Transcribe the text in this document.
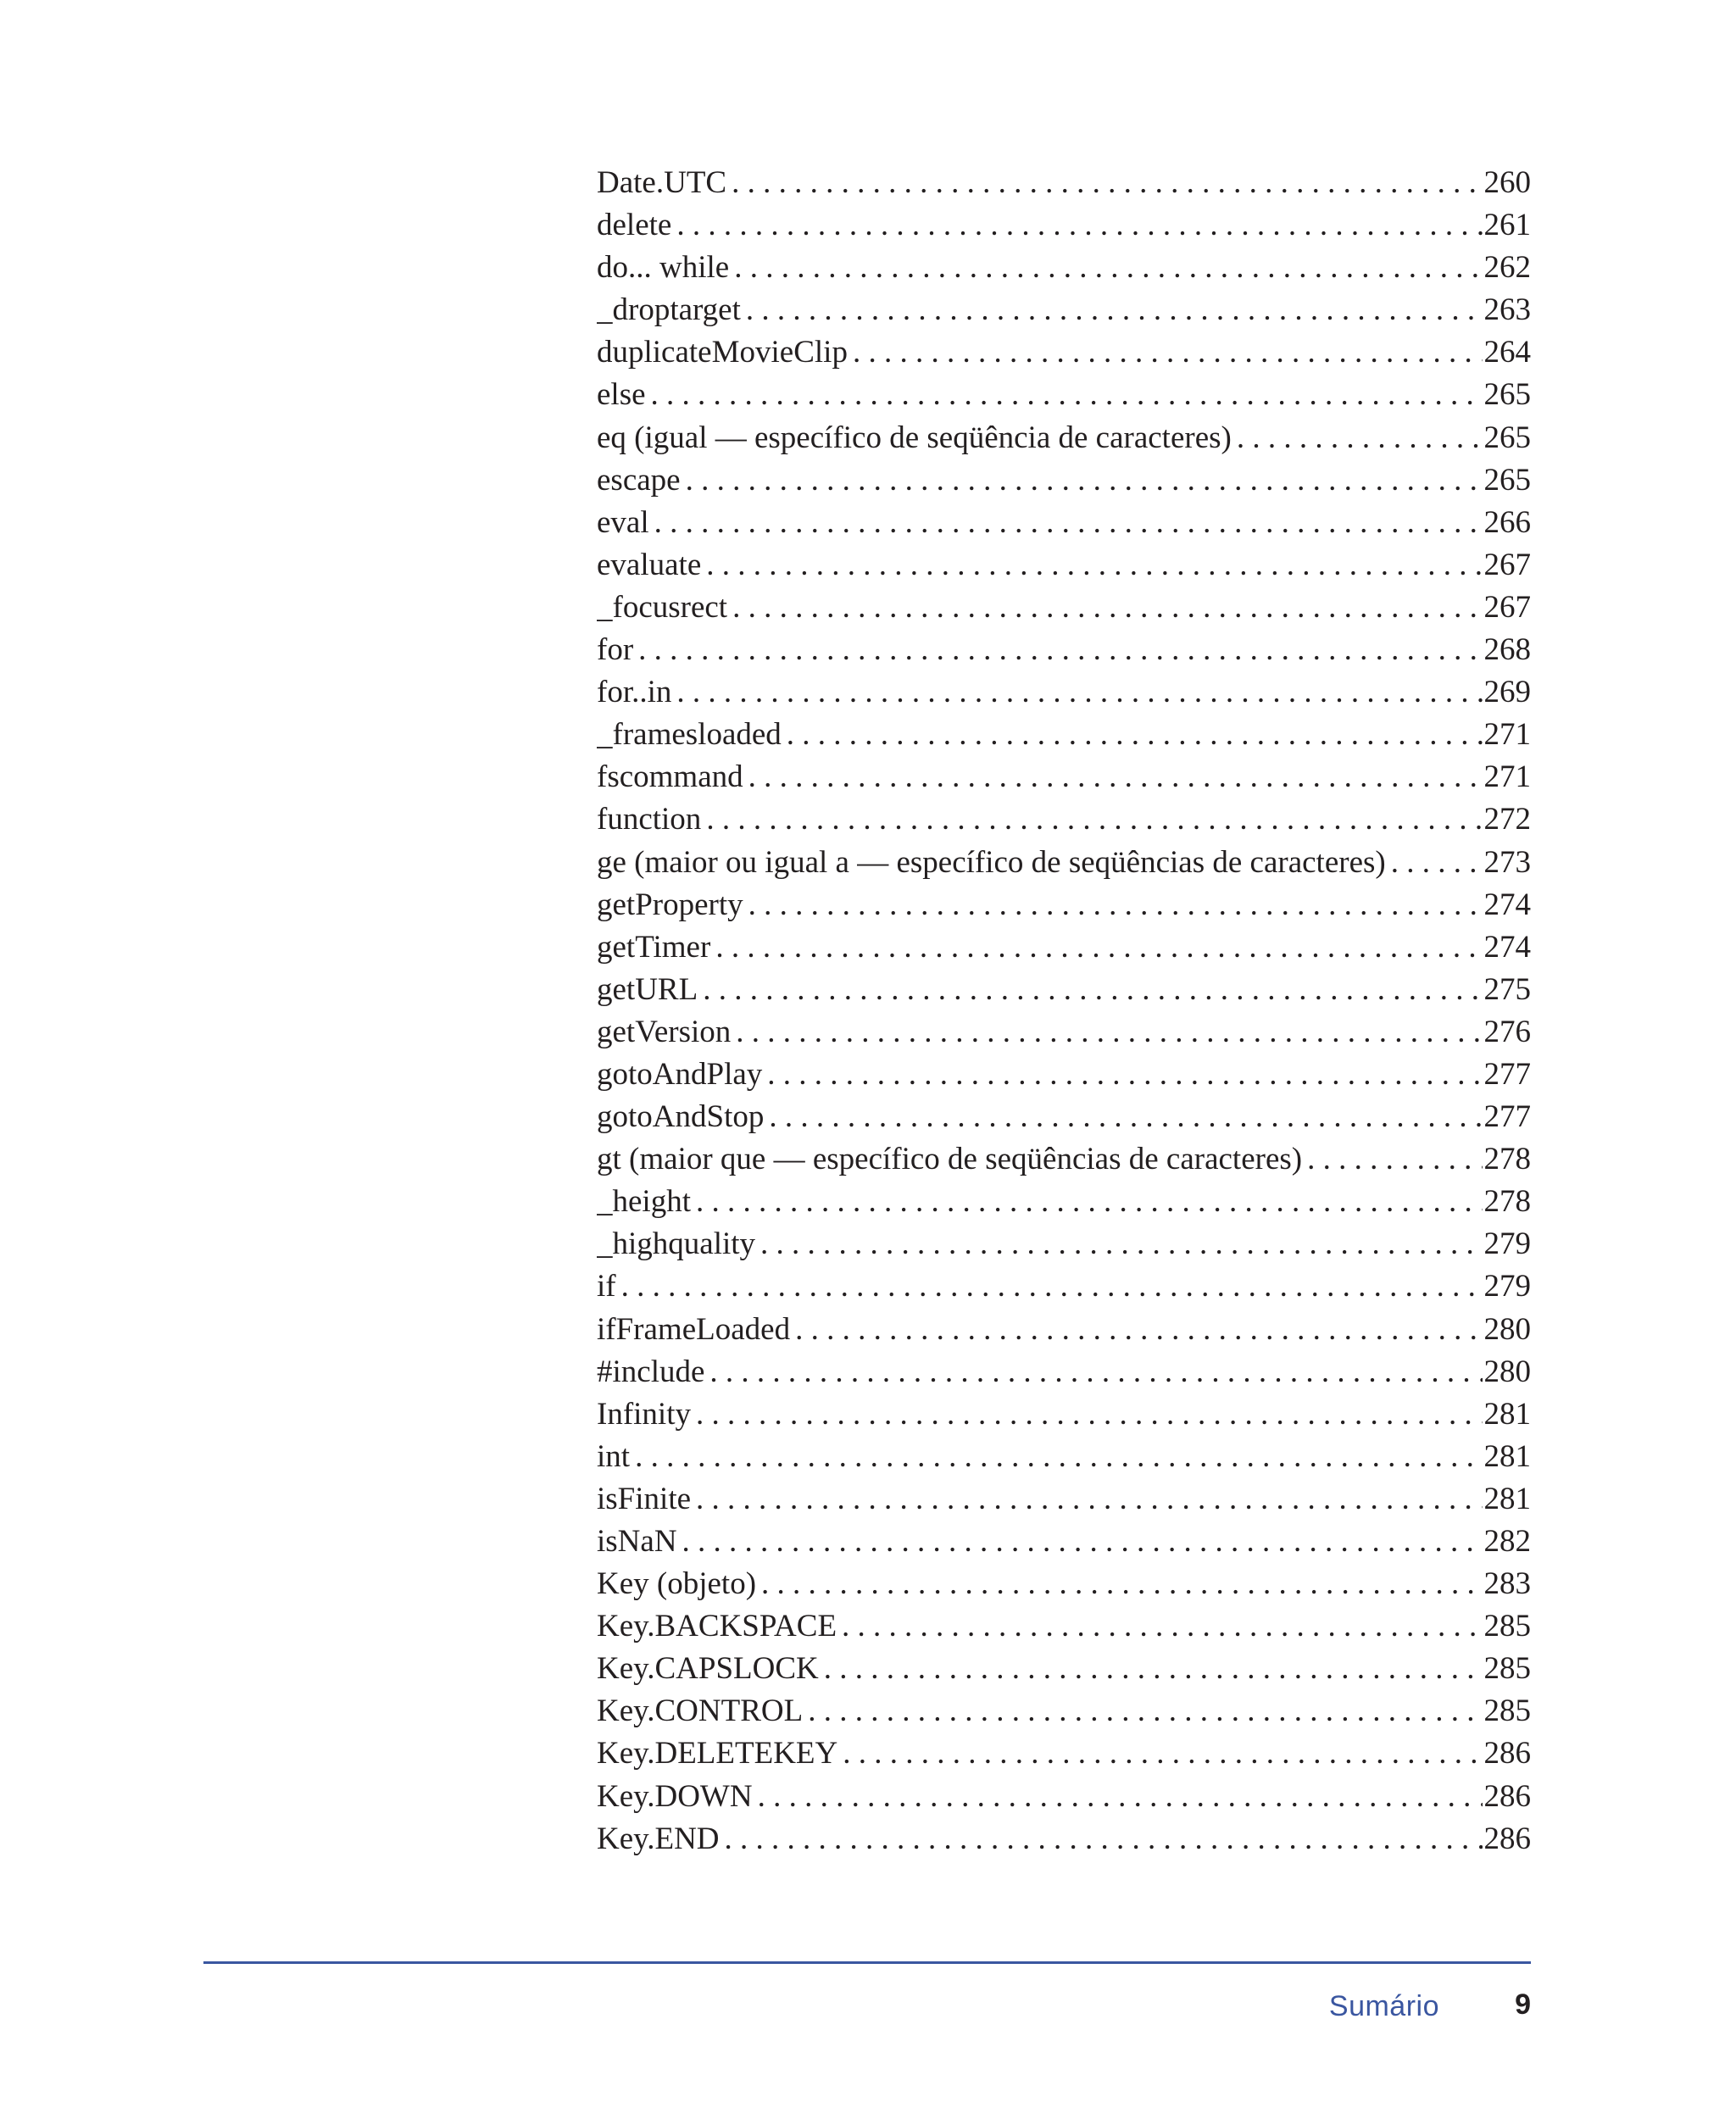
Date.UTC . . .	260
delete . . .	261
do... while . . .	262
_droptarget . . .	263
duplicateMovieClip . . .	264
else . . .	265
eq (igual — específico de seqüência de caracteres) . . .	265
escape . . .	265
eval . . .	266
evaluate . . .	267
_focusrect . . .	267
for . . .	268
for..in . . .	269
_framesloaded . . .	271
fscommand . . .	271
function . . .	272
ge (maior ou igual a — específico de seqüências de caracteres) . . .	273
getProperty . . .	274
getTimer . . .	274
getURL . . .	275
getVersion . . .	276
gotoAndPlay . . .	277
gotoAndStop . . .	277
gt (maior que — específico de seqüências de caracteres) . . .	278
_height . . .	278
_highquality . . .	279
if . . .	279
ifFrameLoaded . . .	280
#include . . .	280
Infinity . . .	281
int . . .	281
isFinite . . .	281
isNaN . . .	282
Key (objeto) . . .	283
Key.BACKSPACE . . .	285
Key.CAPSLOCK . . .	285
Key.CONTROL . . .	285
Key.DELETEKEY . . .	286
Key.DOWN . . .	286
Key.END . . .	286
Sumário	9
